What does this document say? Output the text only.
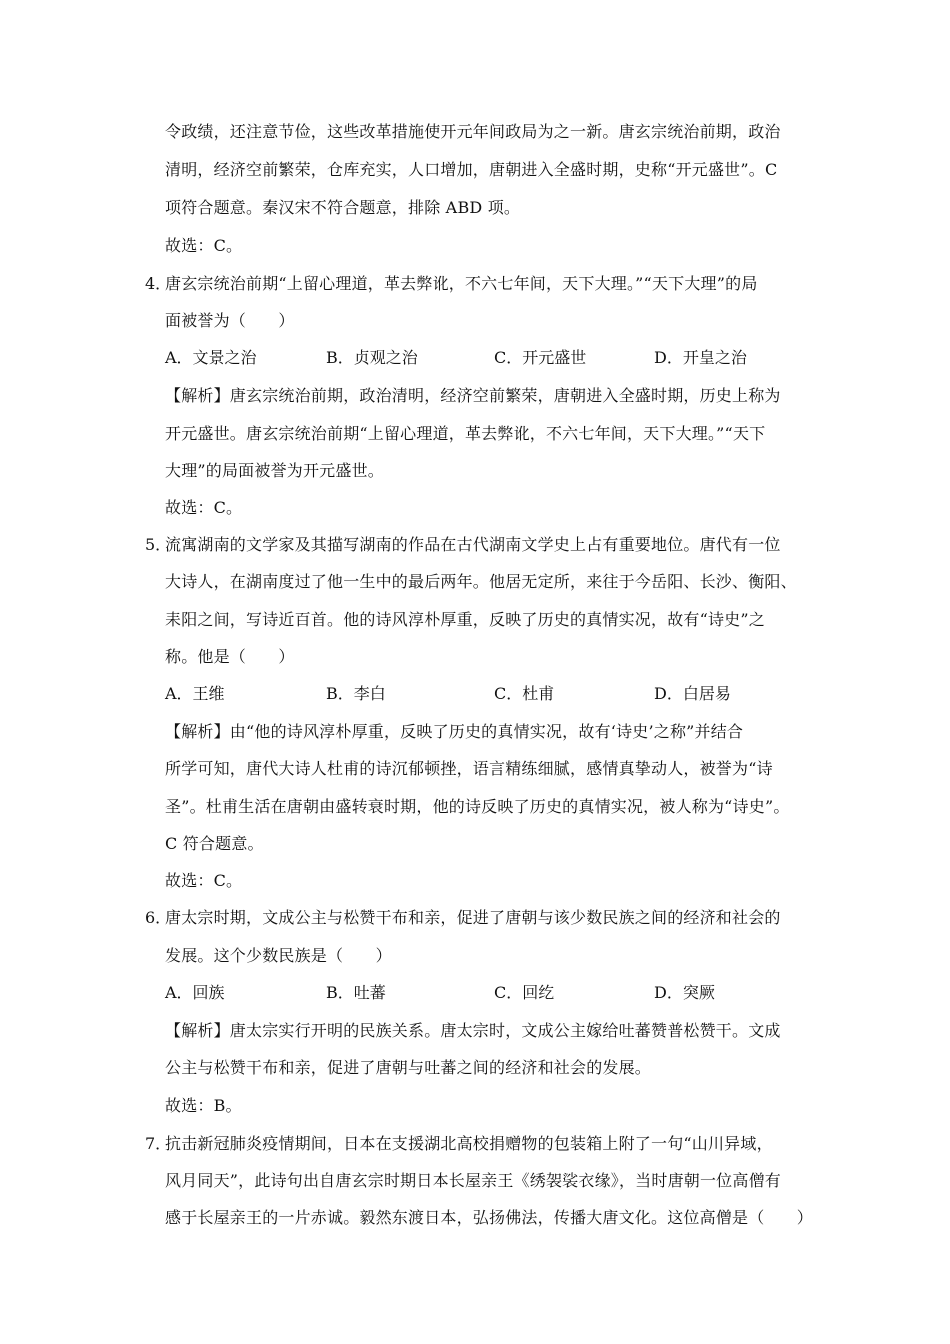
令政绩，还注意节俭，这些改革措施使开元年间政局为之一新。唐玄宗统治前期，政治
清明，经济空前繁荣，仓库充实，人口增加，唐朝进入全盛时期，史称“开元盛世”。C
项符合题意。秦汉宋不符合题意，排除 ABD 项。
故选：C。
4．
唐玄宗统治前期“上留心理道，革去弊讹，不六七年间，天下大理。”“天下大理”的局
面被誉为（　　）
A．文景之治	B．贞观之治	C．开元盛世	D．开皇之治
【解析】唐玄宗统治前期，政治清明，经济空前繁荣，唐朝进入全盛时期，历史上称为
开元盛世。唐玄宗统治前期“上留心理道，革去弊讹，不六七年间，天下大理。”“天下
大理”的局面被誉为开元盛世。
故选：C。
5．
流寓湖南的文学家及其描写湖南的作品在古代湖南文学史上占有重要地位。唐代有一位
大诗人，在湖南度过了他一生中的最后两年。他居无定所，来往于今岳阳、长沙、衡阳、
耒阳之间，写诗近百首。他的诗风淳朴厚重，反映了历史的真情实况，故有“诗史”之
称。他是（　　）
A．王维	B．李白	C．杜甫	D．白居易
【解析】由“他的诗风淳朴厚重，反映了历史的真情实况，故有‘诗史’之称”并结合
所学可知，唐代大诗人杜甫的诗沉郁顿挫，语言精练细腻，感情真挚动人，被誉为“诗
圣”。杜甫生活在唐朝由盛转衰时期，他的诗反映了历史的真情实况，被人称为“诗史”。
C 符合题意。
故选：C。
6．
唐太宗时期，文成公主与松赞干布和亲，促进了唐朝与该少数民族之间的经济和社会的
发展。这个少数民族是（　　）
A．回族	B．吐蕃	C．回纥	D．突厥
【解析】唐太宗实行开明的民族关系。唐太宗时，文成公主嫁给吐蕃赞普松赞干。文成
公主与松赞干布和亲，促进了唐朝与吐蕃之间的经济和社会的发展。
故选：B。
7．
抗击新冠肺炎疫情期间，日本在支援湖北高校捐赠物的包装箱上附了一句“山川异域，
风月同天”，此诗句出自唐玄宗时期日本长屋亲王《绣袈裟衣缘》，当时唐朝一位高僧有
感于长屋亲王的一片赤诚。毅然东渡日本，弘扬佛法，传播大唐文化。这位高僧是（　　）
